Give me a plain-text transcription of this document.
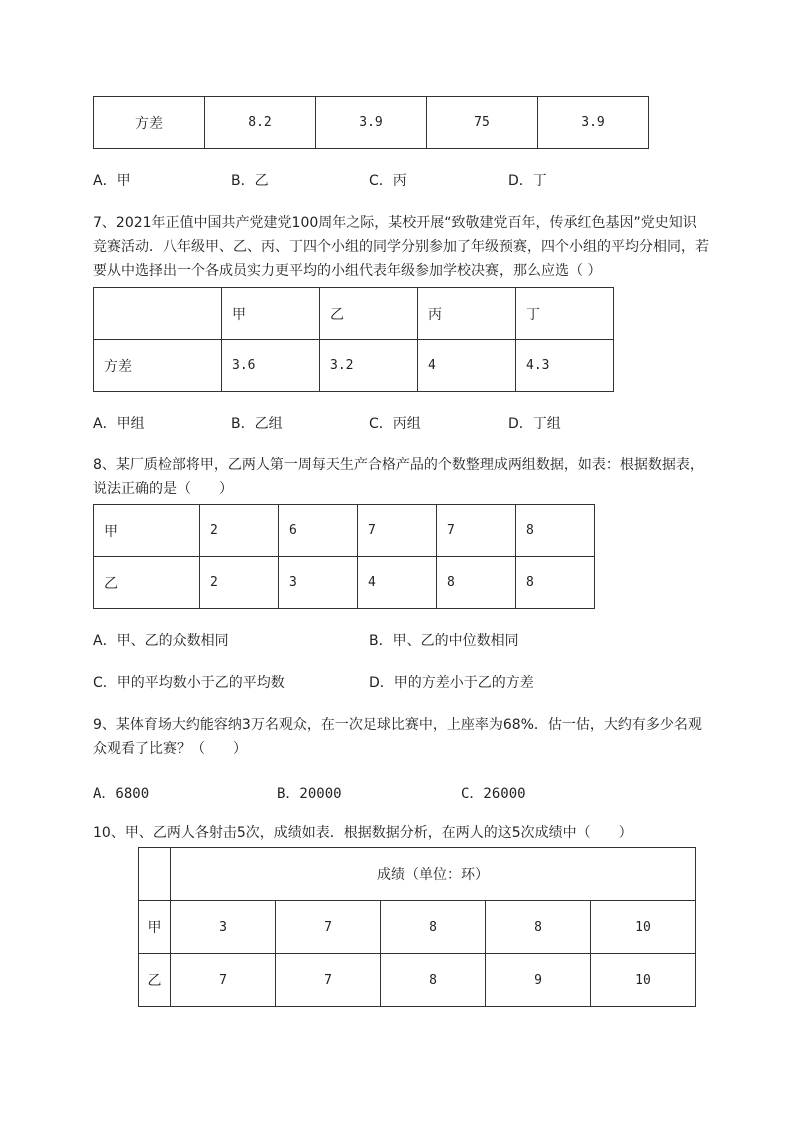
方差	8.2	3.9	75	3.9
A．甲	B．乙	C．丙	D．丁
7、2021年正值中国共产党建党100周年之际，某校开展“致敬建党百年，传承红色基因”党史知识
竞赛活动．八年级甲、乙、丙、丁四个小组的同学分别参加了年级预赛，四个小组的平均分相同，若
要从中选择出一个各成员实力更平均的小组代表年级参加学校决赛，那么应选（ ）
	甲	乙	丙	丁
方差	3.6	3.2	4	4.3
A．甲组	B．乙组	C．丙组	D．丁组
8、某厂质检部将甲，乙两人第一周每天生产合格产品的个数整理成两组数据，如表：根据数据表，
说法正确的是（　　）
甲	2	6	7	7	8
乙	2	3	4	8	8
A．甲、乙的众数相同	B．甲、乙的中位数相同
C．甲的平均数小于乙的平均数	D．甲的方差小于乙的方差
9、某体育场大约能容纳3万名观众，在一次足球比赛中，上座率为68%．估一估，大约有多少名观
众观看了比赛？（　　）
A．6800	B．20000	C．26000
10、甲、乙两人各射击5次，成绩如表．根据数据分析，在两人的这5次成绩中（　　）
	成绩（单位：环）				
甲	3	7	8	8	10
乙	7	7	8	9	10
